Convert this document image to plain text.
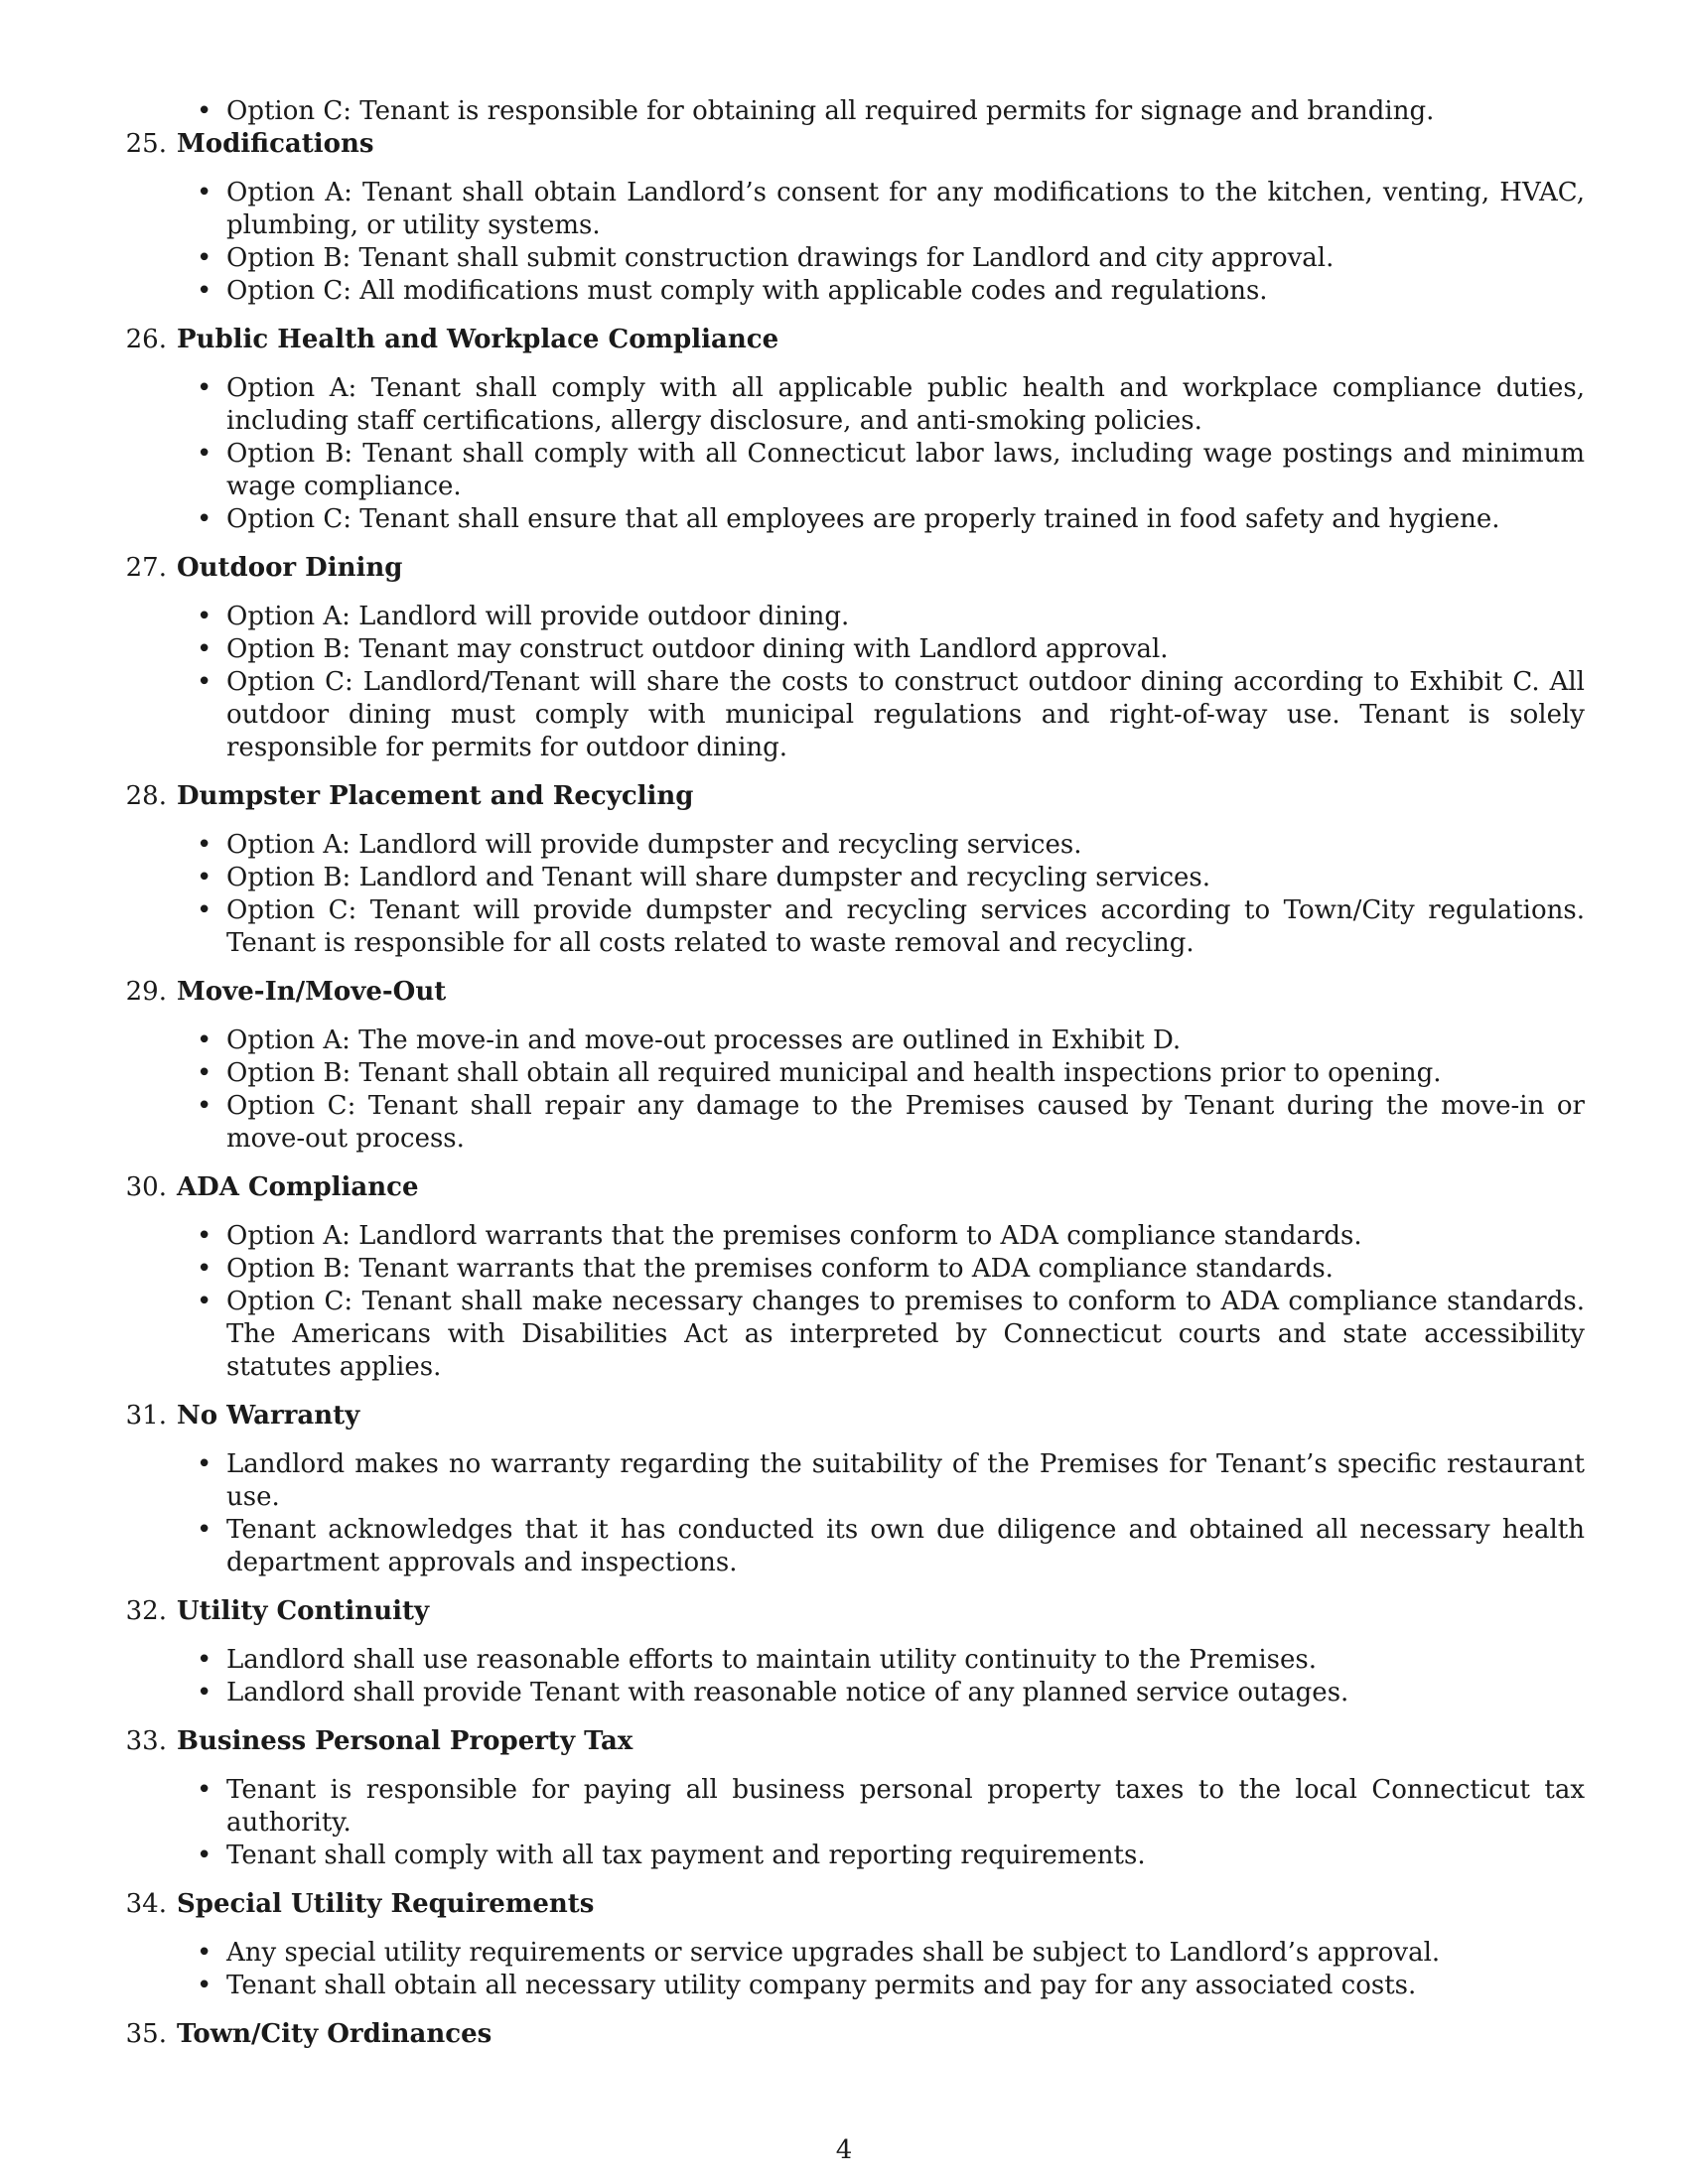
• Option C: Tenant is responsible for obtaining all required permits for signage and branding.
25. Modifications
• Option A: Tenant shall obtain Landlord’s consent for any modifications to the kitchen, venting, HVAC, plumbing, or utility systems.
• Option B: Tenant shall submit construction drawings for Landlord and city approval.
• Option C: All modifications must comply with applicable codes and regulations.
26. Public Health and Workplace Compliance
• Option A: Tenant shall comply with all applicable public health and workplace compliance duties, including staff certifications, allergy disclosure, and anti-smoking policies.
• Option B: Tenant shall comply with all Connecticut labor laws, including wage postings and minimum wage compliance.
• Option C: Tenant shall ensure that all employees are properly trained in food safety and hygiene.
27. Outdoor Dining
• Option A: Landlord will provide outdoor dining.
• Option B: Tenant may construct outdoor dining with Landlord approval.
• Option C: Landlord/Tenant will share the costs to construct outdoor dining according to Exhibit C. All outdoor dining must comply with municipal regulations and right-of-way use. Tenant is solely responsible for permits for outdoor dining.
28. Dumpster Placement and Recycling
• Option A: Landlord will provide dumpster and recycling services.
• Option B: Landlord and Tenant will share dumpster and recycling services.
• Option C: Tenant will provide dumpster and recycling services according to Town/City regulations. Tenant is responsible for all costs related to waste removal and recycling.
29. Move-In/Move-Out
• Option A: The move-in and move-out processes are outlined in Exhibit D.
• Option B: Tenant shall obtain all required municipal and health inspections prior to opening.
• Option C: Tenant shall repair any damage to the Premises caused by Tenant during the move-in or move-out process.
30. ADA Compliance
• Option A: Landlord warrants that the premises conform to ADA compliance standards.
• Option B: Tenant warrants that the premises conform to ADA compliance standards.
• Option C: Tenant shall make necessary changes to premises to conform to ADA compliance standards. The Americans with Disabilities Act as interpreted by Connecticut courts and state accessibility statutes applies.
31. No Warranty
• Landlord makes no warranty regarding the suitability of the Premises for Tenant’s specific restaurant use.
• Tenant acknowledges that it has conducted its own due diligence and obtained all necessary health department approvals and inspections.
32. Utility Continuity
• Landlord shall use reasonable efforts to maintain utility continuity to the Premises.
• Landlord shall provide Tenant with reasonable notice of any planned service outages.
33. Business Personal Property Tax
• Tenant is responsible for paying all business personal property taxes to the local Connecticut tax authority.
• Tenant shall comply with all tax payment and reporting requirements.
34. Special Utility Requirements
• Any special utility requirements or service upgrades shall be subject to Landlord’s approval.
• Tenant shall obtain all necessary utility company permits and pay for any associated costs.
35. Town/City Ordinances
4
